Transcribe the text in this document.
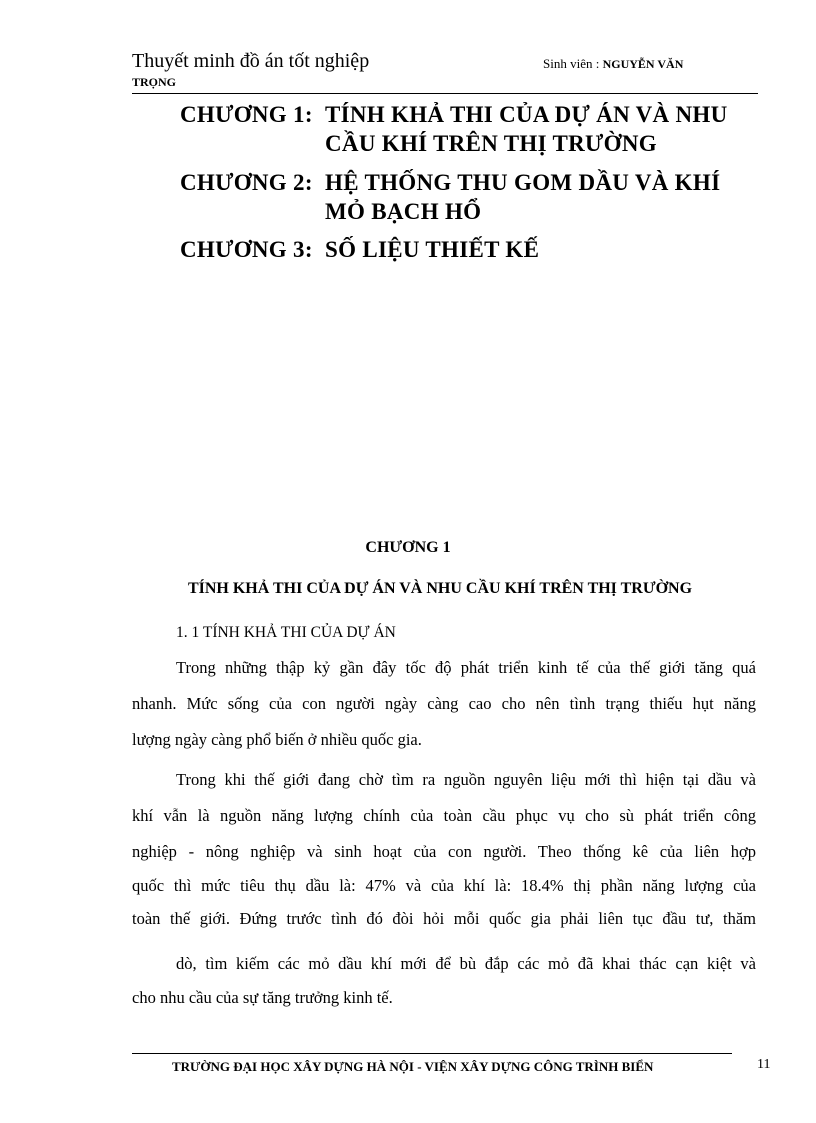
Thuyết minh đồ án tốt nghiệp	Sinh viên : NGUYỄN VĂN
TRỌNG
CHƯƠNG 1: TÍNH KHẢ THI CỦA DỰ ÁN VÀ NHU
CẦU KHÍ TRÊN THỊ TRƯỜNG
CHƯƠNG 2: HỆ THỐNG THU GOM DẦU VÀ KHÍ
MỎ BẠCH HỔ
CHƯƠNG 3: SỐ LIỆU THIẾT KẾ
CHƯƠNG 1
TÍNH KHẢ THI CỦA DỰ ÁN VÀ NHU CẦU KHÍ TRÊN THỊ TRƯỜNG
1. 1 TÍNH KHẢ THI CỦA DỰ ÁN
Trong những thập kỷ gần đây tốc độ phát triển kinh tế của thế giới tăng quá
nhanh. Mức sống của con người ngày càng cao cho nên tình trạng thiếu hụt năng
lượng ngày càng phổ biến ở nhiều quốc gia.
Trong khi thế giới đang chờ tìm ra nguồn nguyên liệu mới thì hiện tại dầu và
khí vẫn là nguồn năng lượng chính của toàn cầu phục vụ cho sù phát triển công
nghiệp - nông nghiệp và sinh hoạt của con người. Theo thống kê của liên hợp
quốc thì mức tiêu thụ dầu là: 47% và của khí là: 18.4% thị phần năng lượng của
toàn thế giới. Đứng trước tình đó đòi hỏi mỗi quốc gia phải liên tục đầu tư, thăm
dò, tìm kiếm các mỏ dầu khí mới để bù đắp các mỏ đã khai thác cạn kiệt và
cho nhu cầu của sự tăng trưởng kinh tế.
TRƯỜNG ĐẠI HỌC XÂY DỰNG HÀ NỘI - VIỆN XÂY DỰNG CÔNG TRÌNH BIỂN	11
